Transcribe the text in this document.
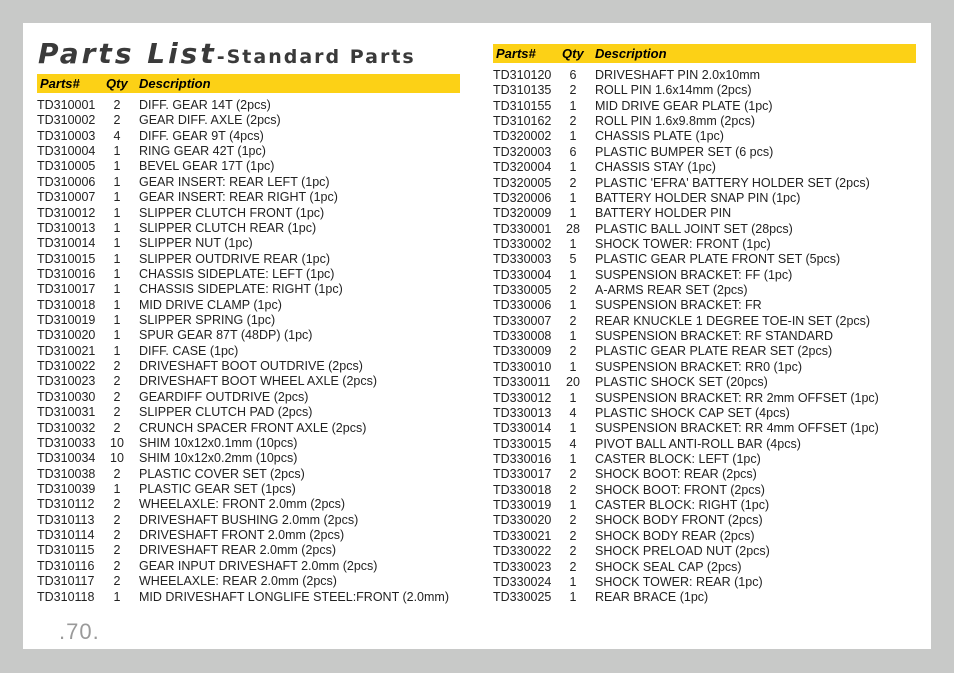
Parts List-Standard Parts
Parts# Qty Description
Parts# Qty Description
TD310001	2	DIFF. GEAR 14T (2pcs)
TD310002	2	GEAR DIFF. AXLE (2pcs)
TD310003	4	DIFF. GEAR 9T (4pcs)
TD310004	1	RING GEAR 42T (1pc)
TD310005	1	BEVEL GEAR 17T (1pc)
TD310006	1	GEAR INSERT: REAR LEFT (1pc)
TD310007	1	GEAR INSERT: REAR RIGHT (1pc)
TD310012	1	SLIPPER CLUTCH FRONT (1pc)
TD310013	1	SLIPPER CLUTCH REAR (1pc)
TD310014	1	SLIPPER NUT (1pc)
TD310015	1	SLIPPER OUTDRIVE REAR (1pc)
TD310016	1	CHASSIS SIDEPLATE: LEFT (1pc)
TD310017	1	CHASSIS SIDEPLATE: RIGHT (1pc)
TD310018	1	MID DRIVE CLAMP (1pc)
TD310019	1	SLIPPER SPRING (1pc)
TD310020	1	SPUR GEAR 87T (48DP) (1pc)
TD310021	1	DIFF. CASE (1pc)
TD310022	2	DRIVESHAFT BOOT OUTDRIVE (2pcs)
TD310023	2	DRIVESHAFT BOOT WHEEL AXLE (2pcs)
TD310030	2	GEARDIFF OUTDRIVE (2pcs)
TD310031	2	SLIPPER CLUTCH PAD (2pcs)
TD310032	2	CRUNCH SPACER FRONT AXLE (2pcs)
TD310033	10	SHIM 10x12x0.1mm (10pcs)
TD310034	10	SHIM 10x12x0.2mm (10pcs)
TD310038	2	PLASTIC COVER SET (2pcs)
TD310039	1	PLASTIC GEAR SET (1pcs)
TD310112	2	WHEELAXLE: FRONT 2.0mm (2pcs)
TD310113	2	DRIVESHAFT BUSHING 2.0mm (2pcs)
TD310114	2	DRIVESHAFT FRONT 2.0mm (2pcs)
TD310115	2	DRIVESHAFT REAR 2.0mm (2pcs)
TD310116	2	GEAR INPUT DRIVESHAFT 2.0mm (2pcs)
TD310117	2	WHEELAXLE: REAR 2.0mm (2pcs)
TD310118	1	MID DRIVESHAFT LONGLIFE STEEL:FRONT (2.0mm)
TD310120	6	DRIVESHAFT PIN 2.0x10mm
TD310135	2	ROLL PIN 1.6x14mm (2pcs)
TD310155	1	MID DRIVE GEAR PLATE (1pc)
TD310162	2	ROLL PIN 1.6x9.8mm (2pcs)
TD320002	1	CHASSIS PLATE (1pc)
TD320003	6	PLASTIC BUMPER SET (6 pcs)
TD320004	1	CHASSIS STAY (1pc)
TD320005	2	PLASTIC 'EFRA' BATTERY HOLDER SET (2pcs)
TD320006	1	BATTERY HOLDER SNAP PIN (1pc)
TD320009	1	BATTERY HOLDER PIN
TD330001	28	PLASTIC BALL JOINT SET (28pcs)
TD330002	1	SHOCK TOWER: FRONT (1pc)
TD330003	5	PLASTIC GEAR PLATE FRONT SET (5pcs)
TD330004	1	SUSPENSION BRACKET: FF (1pc)
TD330005	2	A-ARMS REAR SET (2pcs)
TD330006	1	SUSPENSION BRACKET: FR
TD330007	2	REAR KNUCKLE 1 DEGREE TOE-IN SET (2pcs)
TD330008	1	SUSPENSION BRACKET: RF STANDARD
TD330009	2	PLASTIC GEAR PLATE REAR SET (2pcs)
TD330010	1	SUSPENSION BRACKET: RR0 (1pc)
TD330011	20	PLASTIC SHOCK SET (20pcs)
TD330012	1	SUSPENSION BRACKET: RR 2mm OFFSET (1pc)
TD330013	4	PLASTIC SHOCK CAP SET (4pcs)
TD330014	1	SUSPENSION BRACKET: RR 4mm OFFSET (1pc)
TD330015	4	PIVOT BALL ANTI-ROLL BAR (4pcs)
TD330016	1	CASTER BLOCK: LEFT (1pc)
TD330017	2	SHOCK BOOT: REAR (2pcs)
TD330018	2	SHOCK BOOT: FRONT (2pcs)
TD330019	1	CASTER BLOCK: RIGHT (1pc)
TD330020	2	SHOCK BODY FRONT (2pcs)
TD330021	2	SHOCK BODY REAR (2pcs)
TD330022	2	SHOCK PRELOAD NUT (2pcs)
TD330023	2	SHOCK SEAL CAP (2pcs)
TD330024	1	SHOCK TOWER: REAR (1pc)
TD330025	1	REAR BRACE (1pc)
.70.
